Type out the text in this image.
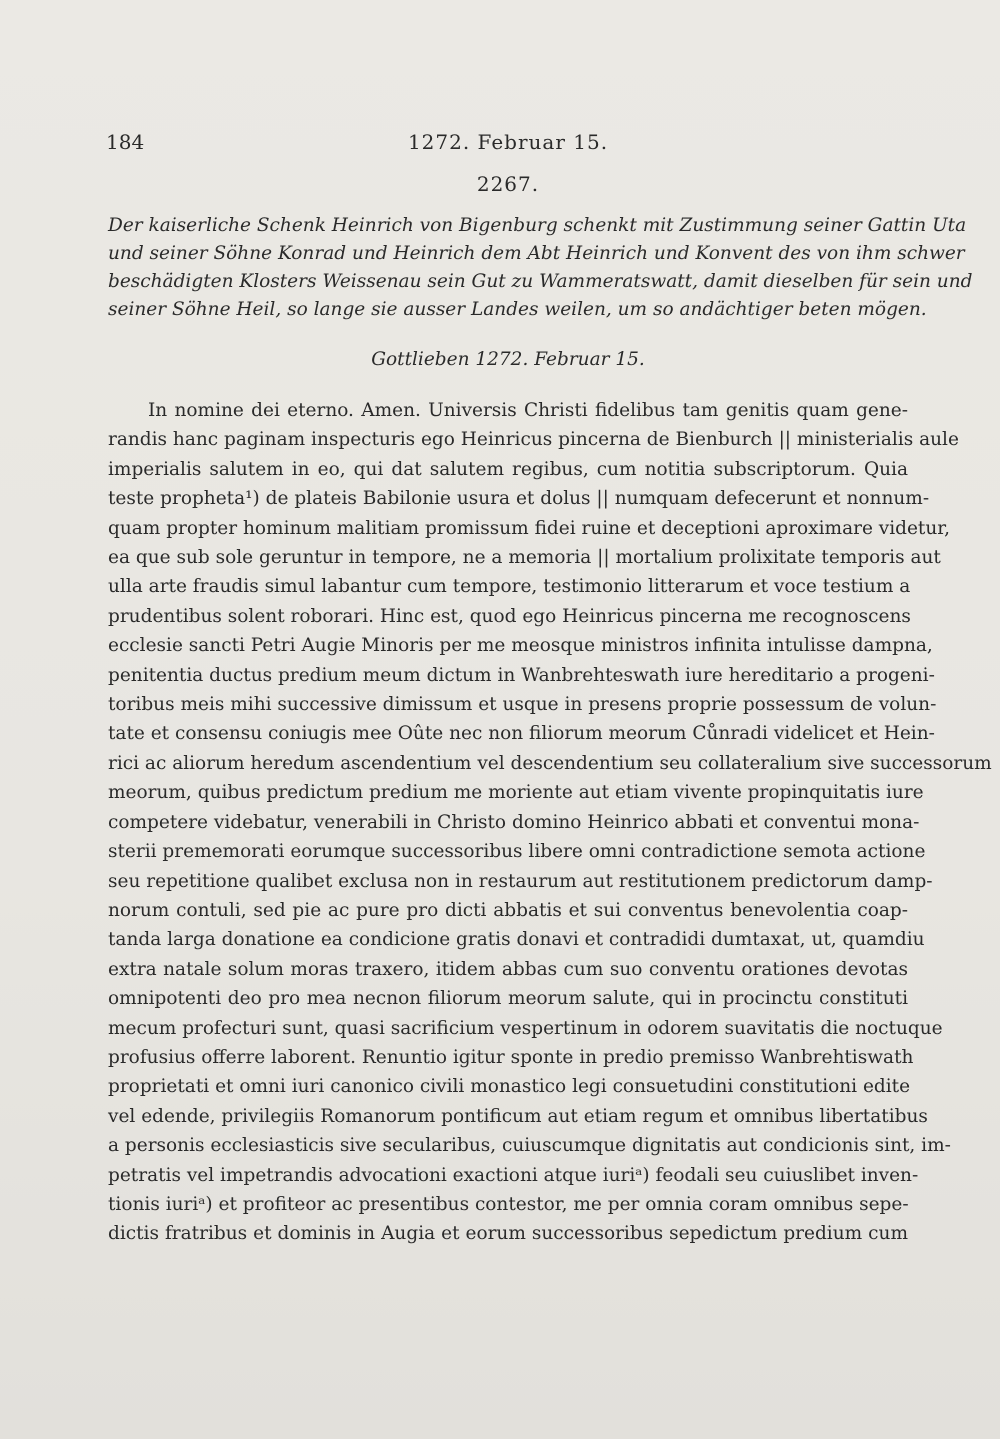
184	1272. Februar 15.
2267.
Der kaiserliche Schenk Heinrich von Bigenburg schenkt mit Zustimmung seiner Gattin Uta
und seiner Söhne Konrad und Heinrich dem Abt Heinrich und Konvent des von ihm schwer
beschädigten Klosters Weissenau sein Gut zu Wammeratswatt, damit dieselben für sein und
seiner Söhne Heil, so lange sie ausser Landes weilen, um so andächtiger beten mögen.
Gottlieben 1272. Februar 15.
In nomine dei eterno. Amen. Universis Christi fidelibus tam genitis quam gene-
randis hanc paginam inspecturis ego Heinricus pincerna de Bienburch || ministerialis aule
imperialis salutem in eo, qui dat salutem regibus, cum notitia subscriptorum. Quia
teste propheta¹) de plateis Babilonie usura et dolus || numquam defecerunt et nonnum-
quam propter hominum malitiam promissum fidei ruine et deceptioni aproximare videtur,
ea que sub sole geruntur in tempore, ne a memoria || mortalium prolixitate temporis aut
ulla arte fraudis simul labantur cum tempore, testimonio litterarum et voce testium a
prudentibus solent roborari. Hinc est, quod ego Heinricus pincerna me recognoscens
ecclesie sancti Petri Augie Minoris per me meosque ministros infinita intulisse dampna,
penitentia ductus predium meum dictum in Wanbrehteswath iure hereditario a progeni-
toribus meis mihi successive dimissum et usque in presens proprie possessum de volun-
tate et consensu coniugis mee Oûte nec non filiorum meorum Cůnradi videlicet et Hein-
rici ac aliorum heredum ascendentium vel descendentium seu collateralium sive successorum
meorum, quibus predictum predium me moriente aut etiam vivente propinquitatis iure
competere videbatur, venerabili in Christo domino Heinrico abbati et conventui mona-
sterii prememorati eorumque successoribus libere omni contradictione semota actione
seu repetitione qualibet exclusa non in restaurum aut restitutionem predictorum damp-
norum contuli, sed pie ac pure pro dicti abbatis et sui conventus benevolentia coap-
tanda larga donatione ea condicione gratis donavi et contradidi dumtaxat, ut, quamdiu
extra natale solum moras traxero, itidem abbas cum suo conventu orationes devotas
omnipotenti deo pro mea necnon filiorum meorum salute, qui in procinctu constituti
mecum profecturi sunt, quasi sacrificium vespertinum in odorem suavitatis die noctuque
profusius offerre laborent. Renuntio igitur sponte in predio premisso Wanbrehtiswath
proprietati et omni iuri canonico civili monastico legi consuetudini constitutioni edite
vel edende, privilegiis Romanorum pontificum aut etiam regum et omnibus libertatibus
a personis ecclesiasticis sive secularibus, cuiuscumque dignitatis aut condicionis sint, im-
petratis vel impetrandis advocationi exactioni atque iuriᵃ) feodali seu cuiuslibet inven-
tionis iuriᵃ) et profiteor ac presentibus contestor, me per omnia coram omnibus sepe-
dictis fratribus et dominis in Augia et eorum successoribus sepedictum predium cum
